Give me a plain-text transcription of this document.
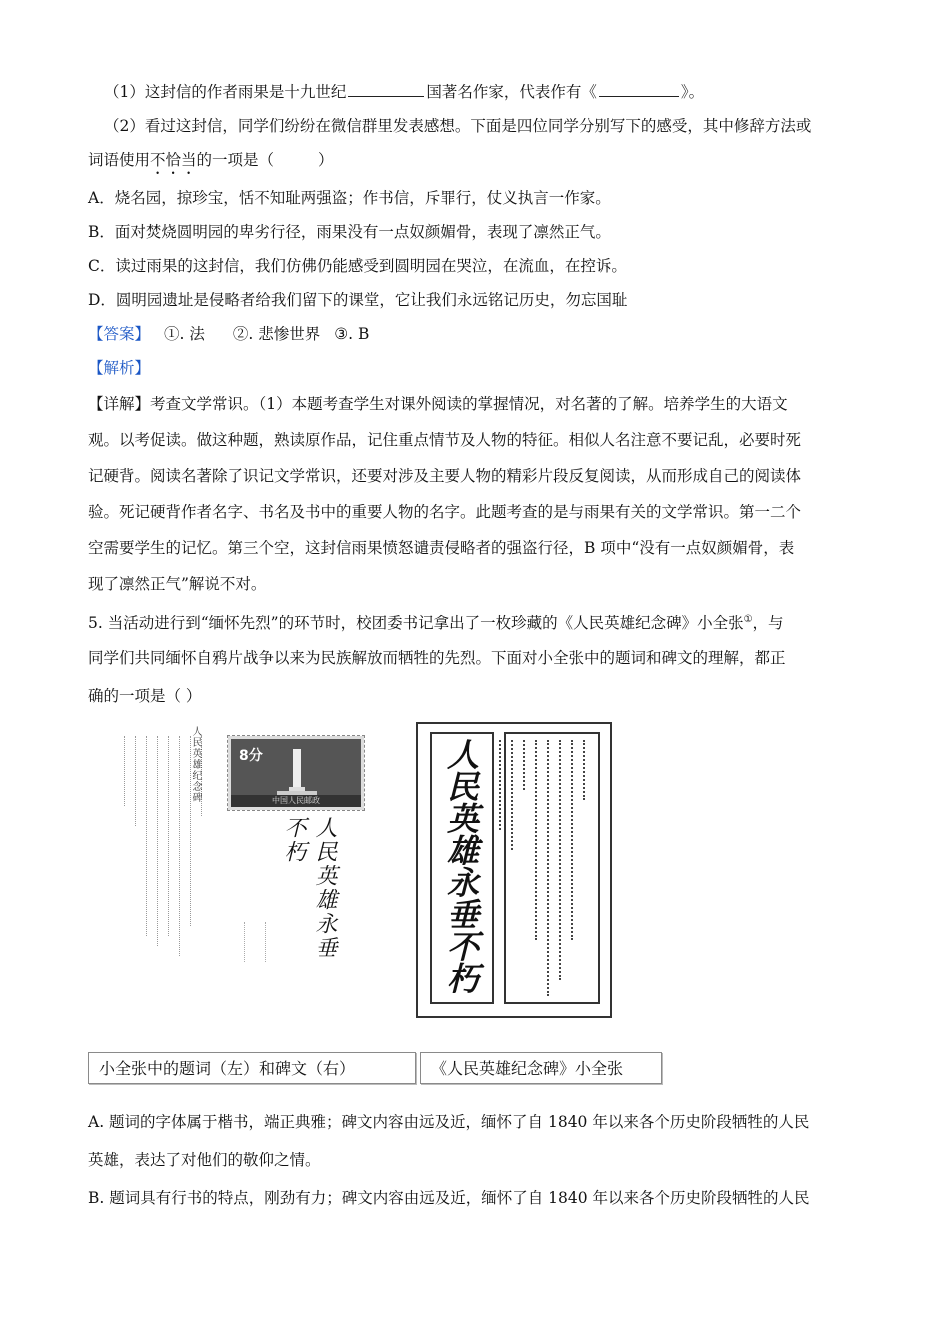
（1）这封信的作者雨果是十九世纪	国著名作家，代表作有《	》。
（2）看过这封信，同学们纷纷在微信群里发表感想。下面是四位同学分别写下的感受，其中修辞方法或
词语使用不恰当的一项是（	）
A．烧名园，掠珍宝，恬不知耻两强盗；作书信，斥罪行，仗义执言一作家。
B．面对焚烧圆明园的卑劣行径，雨果没有一点奴颜媚骨，表现了凛然正气。
C．读过雨果的这封信，我们仿佛仍能感受到圆明园在哭泣，在流血，在控诉。
D．圆明园遗址是侵略者给我们留下的课堂，它让我们永远铭记历史，勿忘国耻
【答案】 ①. 法 ②. 悲惨世界 ③. B
【解析】
【详解】考查文学常识。（1）本题考查学生对课外阅读的掌握情况，对名著的了解。培养学生的大语文
观。以考促读。做这种题，熟读原作品，记住重点情节及人物的特征。相似人名注意不要记乱，必要时死
记硬背。阅读名著除了识记文学常识，还要对涉及主要人物的精彩片段反复阅读，从而形成自己的阅读体
验。死记硬背作者名字、书名及书中的重要人物的名字。此题考查的是与雨果有关的文学常识。第一二个
空需要学生的记忆。第三个空，这封信雨果愤怒谴责侵略者的强盗行径，B 项中“没有一点奴颜媚骨，表
现了凛然正气”解说不对。
5. 当活动进行到“缅怀先烈”的环节时，校团委书记拿出了一枚珍藏的《人民英雄纪念碑》小全张①，与
同学们共同缅怀自鸦片战争以来为民族解放而牺牲的先烈。下面对小全张中的题词和碑文的理解，都正
确的一项是（ ）
人民英雄纪念碑	8分
中国人民邮政
人民英雄永垂不朽	人民英雄永垂不朽
小全张中的题词（左）和碑文（右）	《人民英雄纪念碑》小全张
A. 题词的字体属于楷书，端正典雅；碑文内容由远及近，缅怀了自 1840 年以来各个历史阶段牺牲的人民
英雄，表达了对他们的敬仰之情。
B. 题词具有行书的特点，刚劲有力；碑文内容由远及近，缅怀了自 1840 年以来各个历史阶段牺牲的人民
